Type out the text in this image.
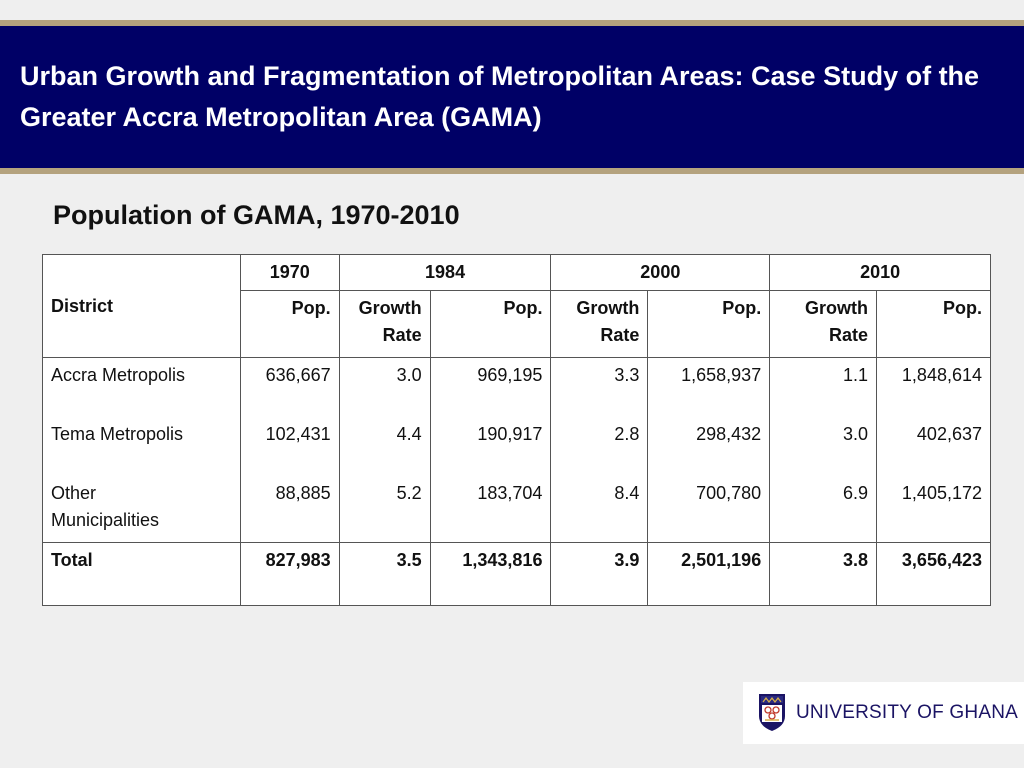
Urban Growth and Fragmentation of Metropolitan Areas: Case Study of the Greater Accra Metropolitan Area (GAMA)
Population of GAMA, 1970-2010
District	1970	1984		2000		2010	
	Pop.	Growth Rate	Pop.	Growth Rate	Pop.	Growth Rate	Pop.
Accra Metropolis	636,667	3.0	969,195	3.3	1,658,937	1.1	1,848,614
Tema Metropolis	102,431	4.4	190,917	2.8	298,432	3.0	402,637
Other Municipalities	88,885	5.2	183,704	8.4	700,780	6.9	1,405,172
Total	827,983	3.5	1,343,816	3.9	2,501,196	3.8	3,656,423
UNIVERSITY OF GHANA
